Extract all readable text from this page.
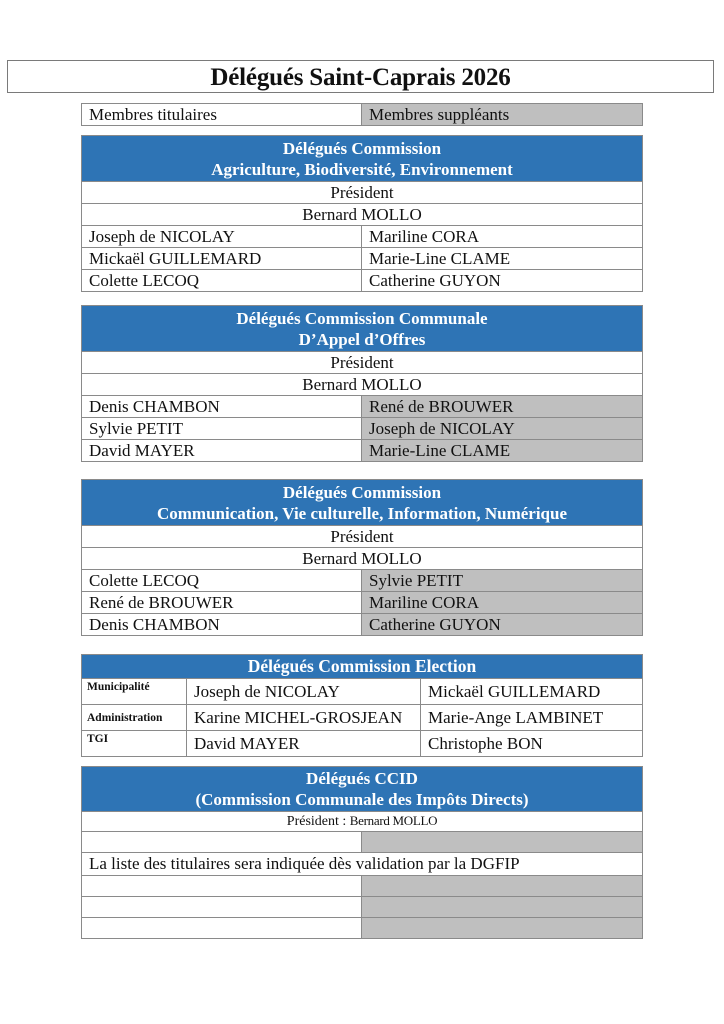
Délégués Saint-Caprais 2026
Membres titulaires	Membres suppléants
Délégués Commission
Agriculture, Biodiversité, Environnement	

Président	
Bernard MOLLO	
Joseph de NICOLAY	Mariline CORA
Mickaël GUILLEMARD	Marie-Line CLAME
Colette LECOQ	Catherine GUYON
Délégués Commission Communale
D’Appel d’Offres	

Président	
Bernard MOLLO	
Denis CHAMBON	René de BROUWER
Sylvie PETIT	Joseph de NICOLAY
David MAYER	Marie-Line CLAME
Délégués Commission
Communication, Vie culturelle, Information, Numérique	

Président	
Bernard MOLLO	
Colette LECOQ	Sylvie PETIT
René de BROUWER	Mariline CORA
Denis CHAMBON	Catherine GUYON
Délégués Commission Election		
Municipalité	Joseph de NICOLAY	Mickaël GUILLEMARD
Administration	Karine MICHEL-GROSJEAN	Marie-Ange LAMBINET
TGI	David MAYER	Christophe BON
Délégués CCID
(Commission Communale des Impôts Directs)	

Président : Bernard MOLLO	

La liste des titulaires sera indiquée dès validation par la DGFIP	
